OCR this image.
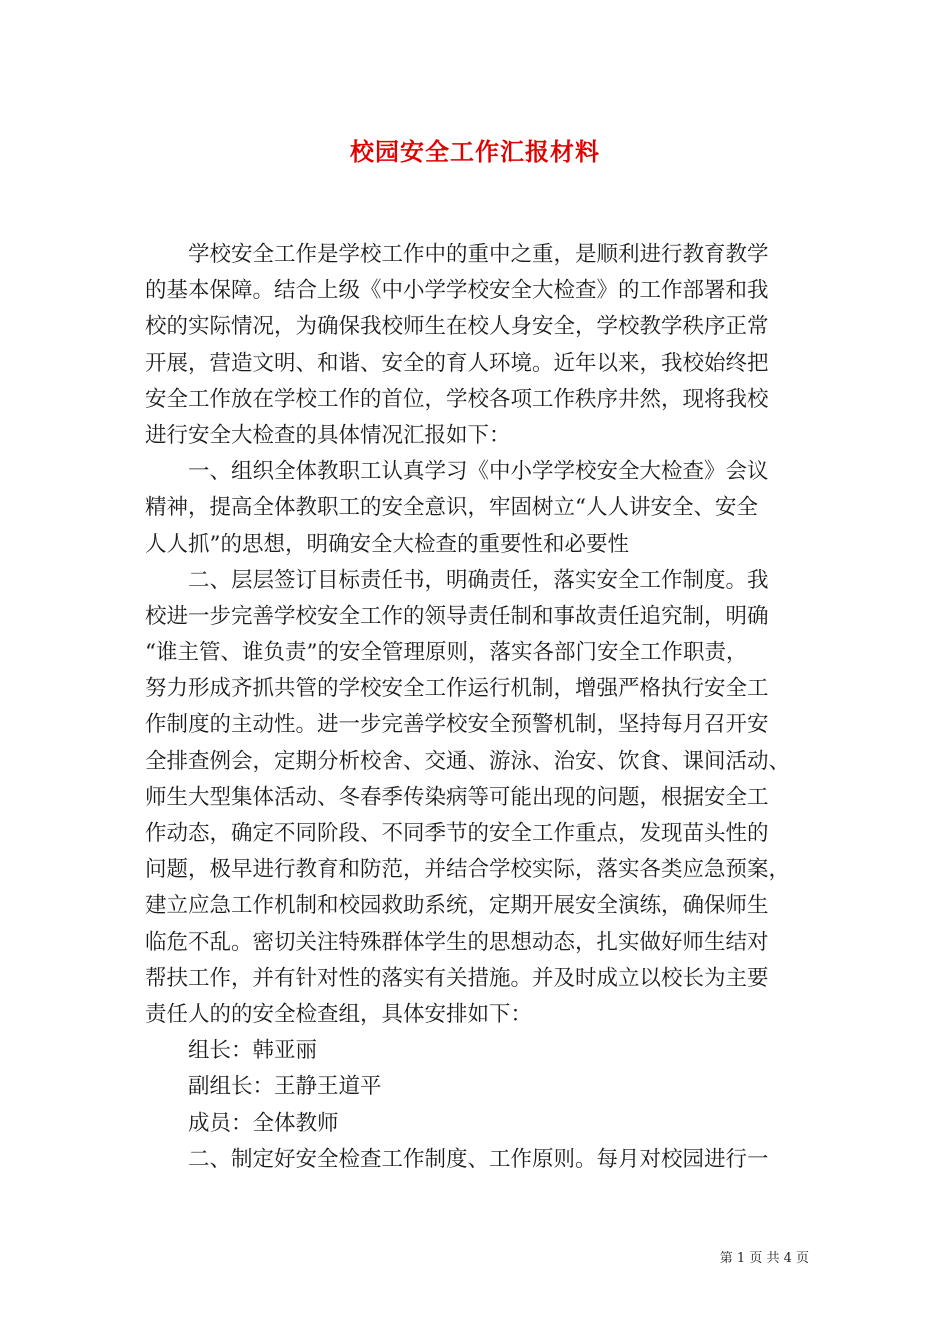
校园安全工作汇报材料
学校安全工作是学校工作中的重中之重，是顺利进行教育教学
的基本保障。结合上级《中小学学校安全大检查》的工作部署和我
校的实际情况，为确保我校师生在校人身安全，学校教学秩序正常
开展，营造文明、和谐、安全的育人环境。近年以来，我校始终把
安全工作放在学校工作的首位，学校各项工作秩序井然，现将我校
进行安全大检查的具体情况汇报如下：
一、组织全体教职工认真学习《中小学学校安全大检查》会议
精神，提高全体教职工的安全意识，牢固树立“人人讲安全、安全
人人抓”的思想，明确安全大检查的重要性和必要性
二、层层签订目标责任书，明确责任，落实安全工作制度。我
校进一步完善学校安全工作的领导责任制和事故责任追究制，明确
“谁主管、谁负责”的安全管理原则，落实各部门安全工作职责，
努力形成齐抓共管的学校安全工作运行机制，增强严格执行安全工
作制度的主动性。进一步完善学校安全预警机制，坚持每月召开安
全排查例会，定期分析校舍、交通、游泳、治安、饮食、课间活动、
师生大型集体活动、冬春季传染病等可能出现的问题，根据安全工
作动态，确定不同阶段、不同季节的安全工作重点，发现苗头性的
问题，极早进行教育和防范，并结合学校实际，落实各类应急预案，
建立应急工作机制和校园救助系统，定期开展安全演练，确保师生
临危不乱。密切关注特殊群体学生的思想动态，扎实做好师生结对
帮扶工作，并有针对性的落实有关措施。并及时成立以校长为主要
责任人的的安全检查组，具体安排如下：
组长：韩亚丽
副组长：王静王道平
成员：全体教师
二、制定好安全检查工作制度、工作原则。每月对校园进行一
第 1 页 共 4 页
